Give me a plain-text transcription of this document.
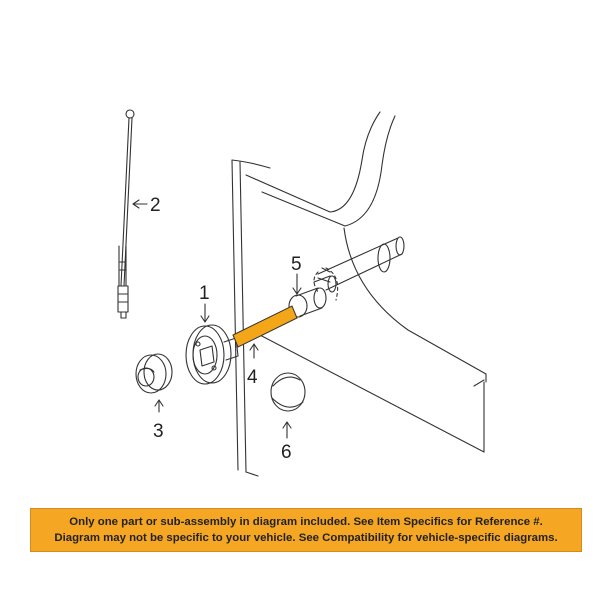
1
2
3
4
5
6
Only one part or sub-assembly in diagram included. See Item Specifics for Reference #.
Diagram may not be specific to your vehicle. See Compatibility for vehicle-specific diagrams.
